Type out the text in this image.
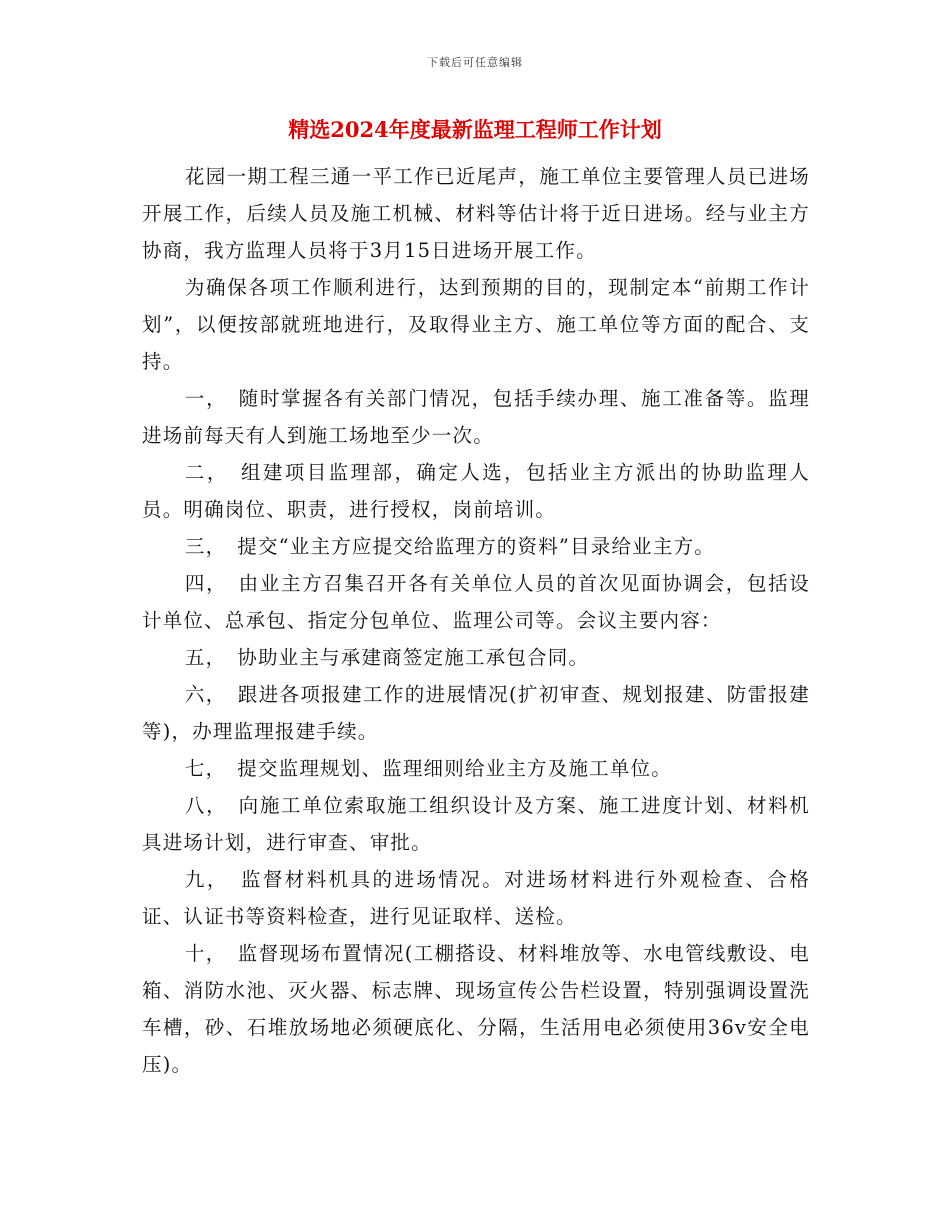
下载后可任意编辑
精选2024年度最新监理工程师工作计划

花园一期工程三通一平工作已近尾声，施工单位主要管理人员已进场开展工作，后续人员及施工机械、材料等估计将于近日进场。经与业主方协商，我方监理人员将于3月15日进场开展工作。

为确保各项工作顺利进行，达到预期的目的，现制定本“前期工作计划”，以便按部就班地进行，及取得业主方、施工单位等方面的配合、支持。

一，　随时掌握各有关部门情况，包括手续办理、施工准备等。监理进场前每天有人到施工场地至少一次。

二，　组建项目监理部，确定人选，包括业主方派出的协助监理人员。明确岗位、职责，进行授权，岗前培训。

三，　提交“业主方应提交给监理方的资料”目录给业主方。

四，　由业主方召集召开各有关单位人员的首次见面协调会，包括设计单位、总承包、指定分包单位、监理公司等。会议主要内容：

五，　协助业主与承建商签定施工承包合同。

六，　跟进各项报建工作的进展情况(扩初审查、规划报建、防雷报建等)，办理监理报建手续。

七，　提交监理规划、监理细则给业主方及施工单位。

八，　向施工单位索取施工组织设计及方案、施工进度计划、材料机具进场计划，进行审查、审批。

九，　监督材料机具的进场情况。对进场材料进行外观检查、合格证、认证书等资料检查，进行见证取样、送检。

十，　监督现场布置情况(工棚搭设、材料堆放等、水电管线敷设、电箱、消防水池、灭火器、标志牌、现场宣传公告栏设置，特别强调设置洗车槽，砂、石堆放场地必须硬底化、分隔，生活用电必须使用36v安全电压)。
